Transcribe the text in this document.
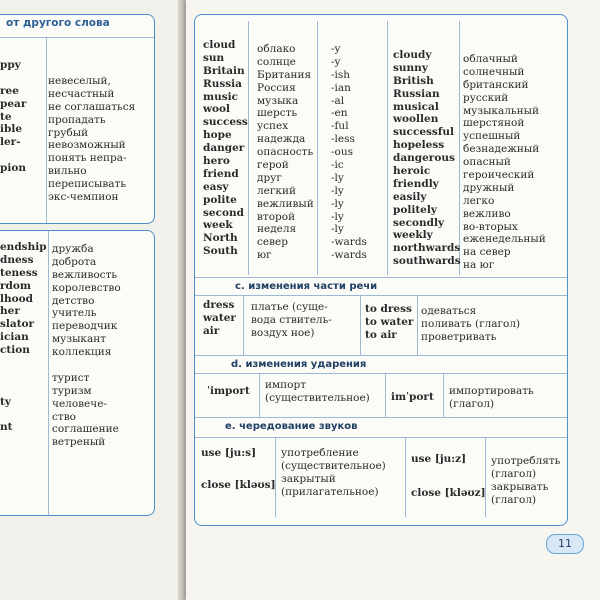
от другого слова
ppy
ree
pear
te
ible
ler-
pion
невеселый,
несчастный
не соглашаться
пропадать
грубый
невозможный
понять непра-
вильно
переписывать
экс-чемпион
endship
dness
teness
rdom
lhood
her
slator
ician
ction
ty
nt
дружба
доброта
вежливость
королевство
детство
учитель
переводчик
музыкант
коллекция
турист
туризм
человече-
ство
соглашение
ветреный
cloud
sun
Britain
Russia
music
wool
success
hope
danger
hero
friend
easy
polite
second
week
North
South
облако
солнце
Британия
Россия
музыка
шерсть
успех
надежда
опасность
герой
друг
легкий
вежливый
второй
неделя
север
юг
-y
-y
-ish
-ian
-al
-en
-ful
-less
-ous
-ic
-ly
-ly
-ly
-ly
-ly
-wards
-wards
cloudy
sunny
British
Russian
musical
woollen
successful
hopeless
dangerous
heroic
friendly
easily
politely
secondly
weekly
northwards
southwards
облачный
солнечный
британский
русский
музыкальный
шерстяной
успешный
безнадежный
опасный
героический
дружный
легко
вежливо
во-вторых
еженедельный
на север
на юг
c. изменения части речи
dress
water
air
платье (суще-
вода ствитель-
воздух ное)
to dress
to water
to air
одеваться
поливать (глагол)
проветривать
d. изменения ударения
ˈimport импорт
(существительное) imˈport импортировать
(глагол)
e. чередование звуков
use [ju:s]
close [kləʊs]
употребление
(существительное)
закрытый
(прилагательное)
use [ju:z]
close [kləʊz]
употреблять
(глагол)
закрывать
(глагол)
11
